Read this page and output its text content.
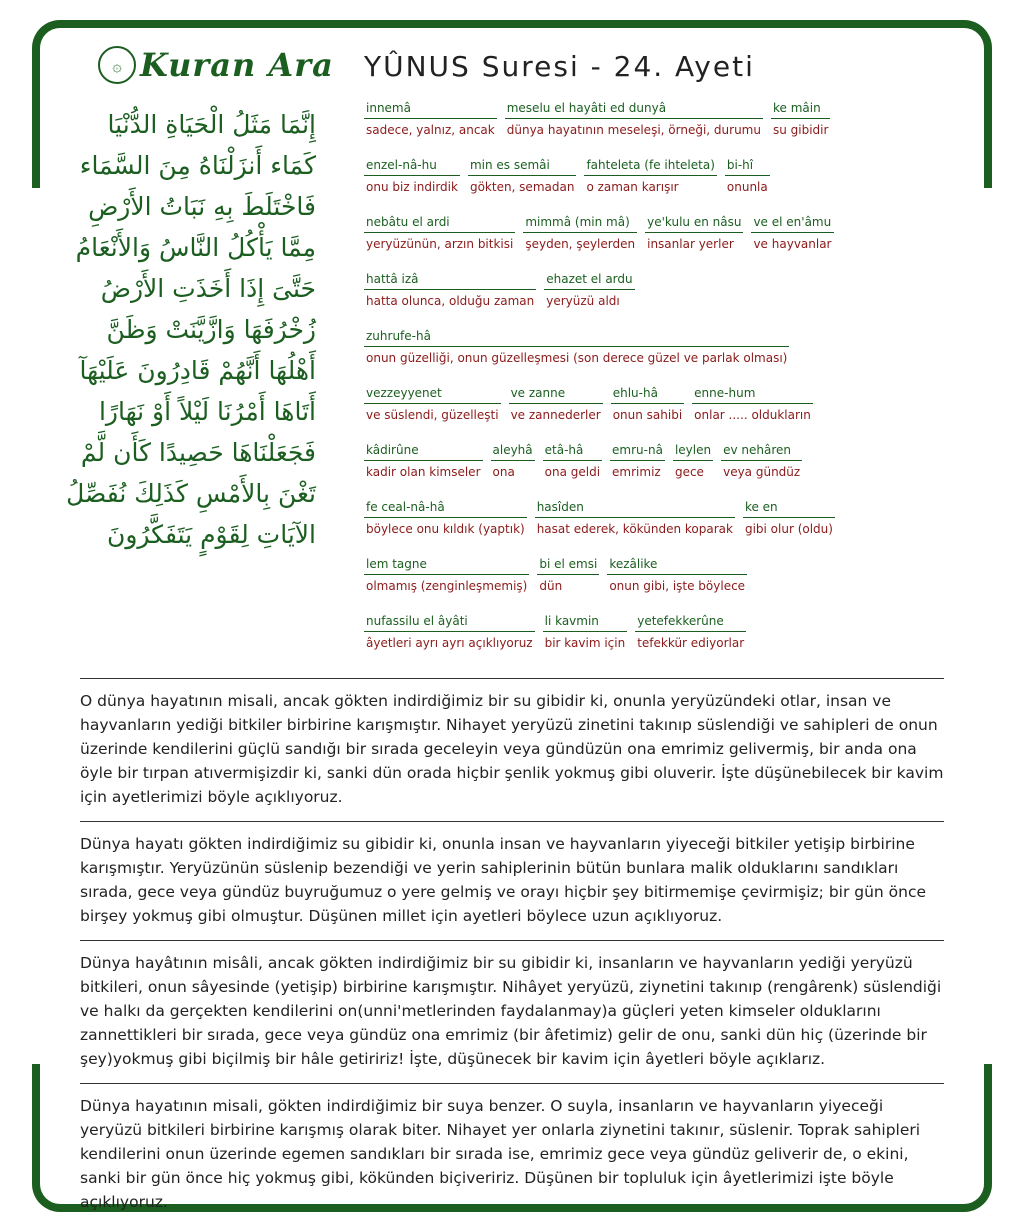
۞ Kuran Ara YÛNUS Suresi - 24. Ayeti
إِنَّمَا مَثَلُ الْحَيَاةِ الدُّنْيَا
كَمَاء أَنزَلْنَاهُ مِنَ السَّمَاء
فَاخْتَلَطَ بِهِ نَبَاتُ الأَرْضِ
مِمَّا يَأْكُلُ النَّاسُ وَالأَنْعَامُ
حَتَّىَ إِذَا أَخَذَتِ الأَرْضُ
زُخْرُفَهَا وَازَّيَّنَتْ وَظَنَّ
أَهْلُهَا أَنَّهُمْ قَادِرُونَ عَلَيْهَآ
أَتَاهَا أَمْرُنَا لَيْلاً أَوْ نَهَارًا
فَجَعَلْنَاهَا حَصِيدًا كَأَن لَّمْ
تَغْنَ بِالأَمْسِ كَذَلِكَ نُفَصِّلُ
الآيَاتِ لِقَوْمٍ يَتَفَكَّرُونَ
innemâ
sadece, yalnız, ancak
meselu el hayâti ed dunyâ
dünya hayatının meseleşi, örneği, durumu
ke mâin
su gibidir
enzel-nâ-hu
onu biz indirdik
min es semâi
gökten, semadan
fahteleta (fe ihteleta)
o zaman karışır
bi-hî
onunla
nebâtu el ardi
yeryüzünün, arzın bitkisi
mimmâ (min mâ)
şeyden, şeylerden
ye'kulu en nâsu
insanlar yerler
ve el en'âmu
ve hayvanlar
hattâ izâ
hatta olunca, olduğu zaman
ehazet el ardu
yeryüzü aldı
zuhrufe-hâ
onun güzelliği, onun güzelleşmesi (son derece güzel ve parlak olması)
vezzeyyenet
ve süslendi, güzelleşti
ve zanne
ve zannederler
ehlu-hâ
onun sahibi
enne-hum
onlar ..... oldukların
kâdirûne
kadir olan kimseler
aleyhâ
ona
etâ-hâ
ona geldi
emru-nâ
emrimiz
leylen
gece
ev nehâren
veya gündüz
fe ceal-nâ-hâ
böylece onu kıldık (yaptık)
hasîden
hasat ederek, kökünden koparak
ke en
gibi olur (oldu)
lem tagne
olmamış (zenginleşmemiş)
bi el emsi
dün
kezâlike
onun gibi, işte böylece
nufassilu el âyâti
âyetleri ayrı ayrı açıklıyoruz
li kavmin
bir kavim için
yetefekkerûne
tefekkür ediyorlar
O dünya hayatının misali, ancak gökten indirdiğimiz bir su gibidir ki, onunla yeryüzündeki otlar, insan ve hayvanların yediği bitkiler birbirine karışmıştır. Nihayet yeryüzü zinetini takınıp süslendiği ve sahipleri de onun üzerinde kendilerini güçlü sandığı bir sırada geceleyin veya gündüzün ona emrimiz gelivermiş, bir anda ona öyle bir tırpan atıvermişizdir ki, sanki dün orada hiçbir şenlik yokmuş gibi oluverir. İşte düşünebilecek bir kavim için ayetlerimizi böyle açıklıyoruz.
Dünya hayatı gökten indirdiğimiz su gibidir ki, onunla insan ve hayvanların yiyeceği bitkiler yetişip birbirine karışmıştır. Yeryüzünün süslenip bezendiği ve yerin sahiplerinin bütün bunlara malik olduklarını sandıkları sırada, gece veya gündüz buyruğumuz o yere gelmiş ve orayı hiçbir şey bitirmemişe çevirmişiz; bir gün önce birşey yokmuş gibi olmuştur. Düşünen millet için ayetleri böylece uzun açıklıyoruz.
Dünya hayâtının misâli, ancak gökten indirdiğimiz bir su gibidir ki, insanların ve hayvanların yediği yeryüzü bitkileri, onun sâyesinde (yetişip) birbirine karışmıştır. Nihâyet yeryüzü, ziynetini takınıp (rengârenk) süslendiği ve halkı da gerçekten kendilerini on(unni'metlerinden faydalanmay)a güçleri yeten kimseler olduklarını zannettikleri bir sırada, gece veya gündüz ona emrimiz (bir âfetimiz) gelir de onu, sanki dün hiç (üzerinde bir şey)yokmuş gibi biçilmiş bir hâle getiririz! İşte, düşünecek bir kavim için âyetleri böyle açıklarız.
Dünya hayatının misali, gökten indirdiğimiz bir suya benzer. O suyla, insanların ve hayvanların yiyeceği yeryüzü bitkileri birbirine karışmış olarak biter. Nihayet yer onlarla ziynetini takınır, süslenir. Toprak sahipleri kendilerini onun üzerinde egemen sandıkları bir sırada ise, emrimiz gece veya gündüz geliverir de, o ekini, sanki bir gün önce hiç yokmuş gibi, kökünden biçiveririz. Düşünen bir topluluk için âyetlerimizi işte böyle açıklıyoruz.
